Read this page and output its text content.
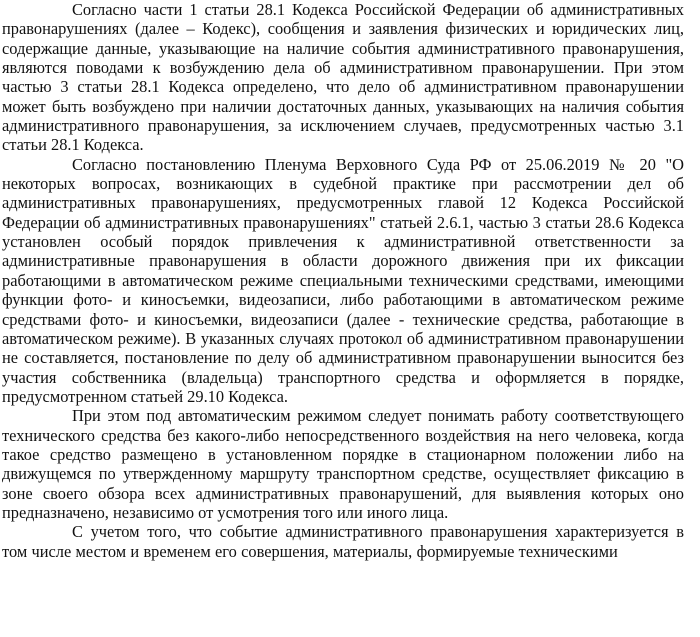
Согласно части 1 статьи 28.1 Кодекса Российской Федерации об административных правонарушениях (далее – Кодекс), сообщения и заявления физических и юридических лиц, содержащие данные, указывающие на наличие события административного правонарушения, являются поводами к возбуждению дела об административном правонарушении. При этом частью 3 статьи 28.1 Кодекса определено, что дело об административном правонарушении может быть возбуждено при наличии достаточных данных, указывающих на наличия события административного правонарушения, за исключением случаев, предусмотренных частью 3.1 статьи 28.1 Кодекса.

Согласно постановлению Пленума Верховного Суда РФ от 25.06.2019 № 20 "О некоторых вопросах, возникающих в судебной практике при рассмотрении дел об административных правонарушениях, предусмотренных главой 12 Кодекса Российской Федерации об административных правонарушениях" статьей 2.6.1, частью 3 статьи 28.6 Кодекса установлен особый порядок привлечения к административной ответственности за административные правонарушения в области дорожного движения при их фиксации работающими в автоматическом режиме специальными техническими средствами, имеющими функции фото- и киносъемки, видеозаписи, либо работающими в автоматическом режиме средствами фото- и киносъемки, видеозаписи (далее - технические средства, работающие в автоматическом режиме). В указанных случаях протокол об административном правонарушении не составляется, постановление по делу об административном правонарушении выносится без участия собственника (владельца) транспортного средства и оформляется в порядке, предусмотренном статьей 29.10 Кодекса.

При этом под автоматическим режимом следует понимать работу соответствующего технического средства без какого-либо непосредственного воздействия на него человека, когда такое средство размещено в установленном порядке в стационарном положении либо на движущемся по утвержденному маршруту транспортном средстве, осуществляет фиксацию в зоне своего обзора всех административных правонарушений, для выявления которых оно предназначено, независимо от усмотрения того или иного лица.

С учетом того, что событие административного правонарушения характеризуется в том числе местом и временем его совершения, материалы, формируемые техническими
